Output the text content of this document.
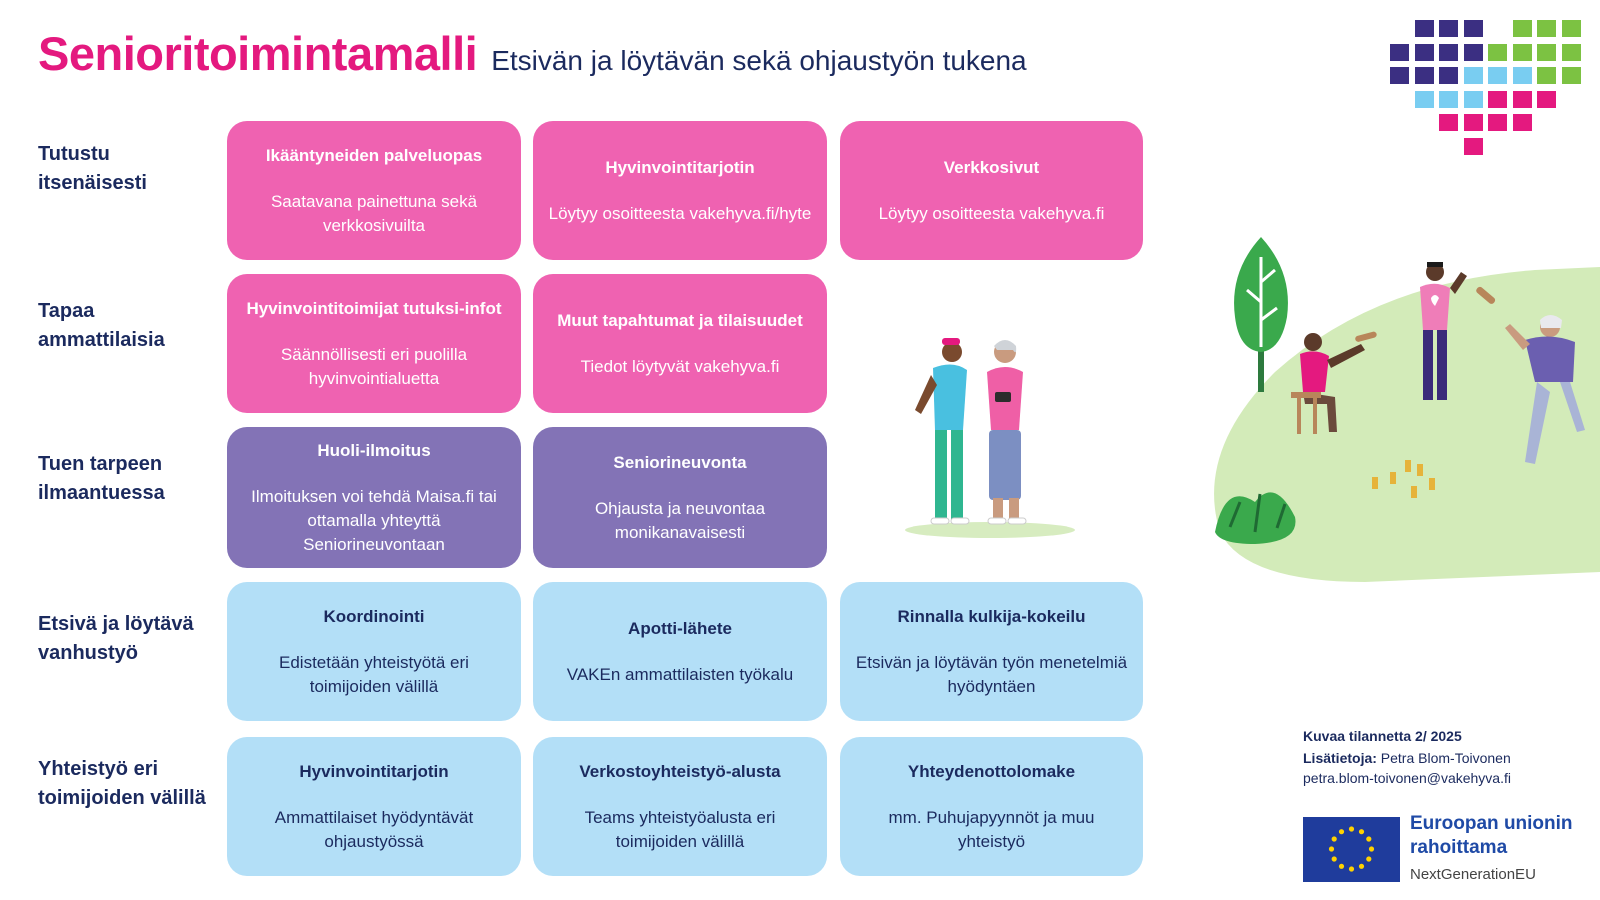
Senioritoimintamalli Etsivän ja löytävän sekä ohjaustyön tukena
Tutustu
itsenäisesti
Tapaa
ammattilaisia
Tuen tarpeen
ilmaantuessa
Etsivä ja löytävä
vanhustyö
Yhteistyö eri
toimijoiden välillä
Ikääntyneiden palveluopas
Saatavana painettuna sekä verkkosivuilta
Hyvinvointitarjotin
Löytyy osoitteesta vakehyva.fi/hyte
Verkkosivut
Löytyy osoitteesta vakehyva.fi
Hyvinvointitoimijat tutuksi-infot
Säännöllisesti eri puolilla hyvinvointialuetta
Muut tapahtumat ja tilaisuudet
Tiedot löytyvät vakehyva.fi
Huoli-ilmoitus
Ilmoituksen voi tehdä Maisa.fi tai ottamalla yhteyttä Seniorineuvontaan
Seniorineuvonta
Ohjausta ja neuvontaa monikanavaisesti
Koordinointi
Edistetään yhteistyötä eri toimijoiden välillä
Apotti-lähete
VAKEn ammattilaisten työkalu
Rinnalla kulkija-kokeilu
Etsivän ja löytävän työn menetelmiä hyödyntäen
Hyvinvointitarjotin
Ammattilaiset hyödyntävät ohjaustyössä
Verkostoyhteistyö-alusta
Teams yhteistyöalusta eri toimijoiden välillä
Yhteydenottolomake
mm. Puhujapyynnöt ja muu yhteistyö
Kuvaa tilannetta 2/ 2025
Lisätietoja: Petra Blom-Toivonen
petra.blom-toivonen@vakehyva.fi
Euroopan unionin
rahoittama
NextGenerationEU
